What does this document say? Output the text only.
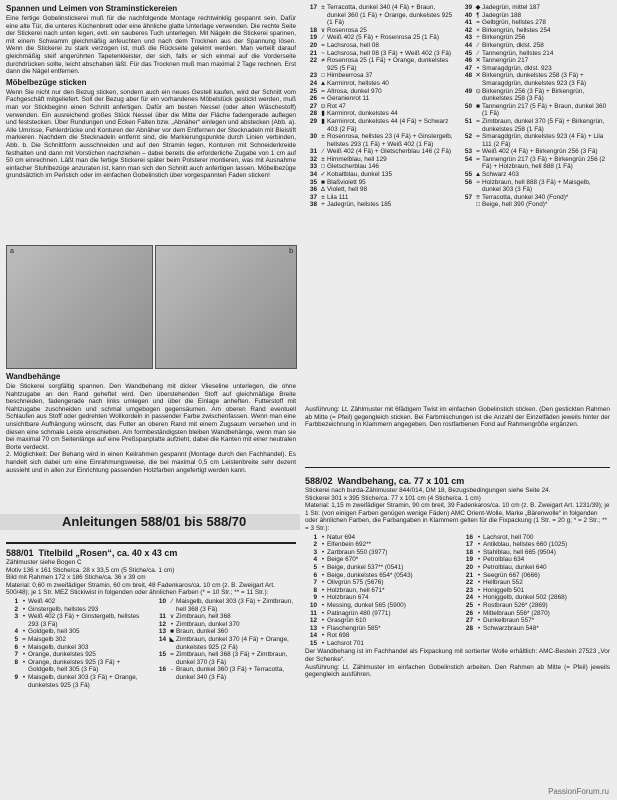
Spannen und Leimen von Straminstickereien

Eine fertige Gobelinstickerei muß für die nachfolgende Montage rechtwinklig gespannt sein. Dafür eine alte Tür, die unteres Küchenbrett oder eine ähnliche glatte Unterlage verwenden. Die rechte Seite der Stickerei nach unten legen, evtl. ein sauberes Tuch unterlegen. Mit Nägeln die Stickerei spannen, mit einem Schwamm gleichmäßig anfeuchten und nach dem Trocknen aus der Spannung lösen. Wenn die Stickerei zu stark verzogen ist, muß die Rückseite geleimt werden. Man verteilt darauf gleichmäßig steif angerührten Tapetenkleister, der sich, falls er sich einmal auf die Vorderseite durchdrücken sollte, leicht abschaben läßt. Für das Trocknen muß man maximal 2 Tage rechnen. Erst dann die Nägel entfernen.

Möbelbezüge sticken

Wenn Sie nicht nur den Bezug sticken, sondern auch ein neues Gestell kaufen, wird der Schnitt vom Fachgeschäft mitgeliefert. Soll der Bezug aber für ein vorhandenes Möbelstück gestickt werden, muß man vor Stickbeginn einen Schnitt anfertigen. Dafür am besten Nessel (oder alten Wäschestoff) verwenden. Ein ausreichend großes Stück Nessel über die Mitte der Fläche fadengerade auflegen und feststecken. Über Rundungen und Ecken Falten bzw. „Abnäher“ einlegen und abstecken (Abb. a). Alle Umrisse, Fehlerdrücke und Konturen der Abnäher vor dem Entfernen der Stecknadeln mit Bleistift markieren. Nachdem die Stecknadeln entfernt sind, die Markierungspunkte durch Linien verbinden, Abb. b. Die Schnittform ausschneiden und auf den Stramin legen, Konturen mit Schneiderkreide festhalten und dann mit Vorstichen nachziehen – dabei bereits die erforderliche Zugabe von 1 cm auf 50 cm einrechnen. Läßt man die fertige Stickerei später beim Polsterer montieren, was mit Ausnahme einfacher Stuhlbezüge anzuraten ist, kann man sich den Schnitt auch anfertigen lassen. Möbelbezüge grundsätzlich im Perlstich oder im einfachen Gobelinstich über vorgespannten Faden sticken!

a	b
Wandbehänge

Die Stickerei sorgfältig spannen. Den Wandbehang mit dicker Vlieseline unterlegen, die ohne Nahtzugabe an den Rand geheftet wird. Den überstehenden Stoff auf gleichmäßige Breite beschneiden, fadengerade nach links umlegen und über die Einlage anheften. Futterstoff mit Nahtzugabe zuschneiden und schmal umgebogen gegensäumen. Am oberen Rand eventuell Schlaufen aus Stoff oder gedrehten Wollkordeln in passender Farbe zwischenfassen. Wenn man eine unsichtbare Aufhängung wünscht, das Futter an oberen Rand mit einem Zugsaum versehen und in diesen eine schmale Leiste einschieben. Am formbeständigsten bleiben Wandbehänge, wenn man sie bei maximal 70 cm Seitenlänge auf eine Preßspanplatte aufzieht, dabei die Kanten mit einer neutralen Borte verdeckt.

2. Möglichkeit: Der Behang wird in einen Keilrahmen gespannt (Montage durch den Fachhandel). Es handelt sich dabei um eine Einrahmungsweise, die bei maximal 0,5 cm Leistenbreite sehr dezent aussieht und in allen zur Einrichtung passenden Holzfarben angefertigt werden kann.

Anleitungen 588/01 bis 588/70
588/01 Titelbild „Rosen“, ca. 40 x 43 cm
Zählmuster siehe Bogen C
Motiv 136 x 161 Stiche/ca. 28 x 33,5 cm (5 Stiche/ca. 1 cm)
Bild mit Rahmen 172 x 186 Stiche/ca. 36 x 39 cm
Material: 0,60 m zweifädiger Stramin, 60 cm breit, 48 Fadenkaros/ca. 10 cm (z. B. Zweigart Art. 500/48); je 1 Str. MEZ Stickiwist in folgenden oder ähnlichen Farben (* = 10 Str.; ** = 11 Str.):
1 • Weiß 402
2 • Ginstergelb, hellstes 293
3 • Weiß 402 (3 Fä) + Ginstergelb, hellstes 293 (3 Fä)
4 • Goldgelb, hell 305
5 = Maisgelb 302
6 • Maisgelb, dunkel 303
7 • Orange, dunkelstes 925
8 • Orange, dunkelstes 925 (3 Fä) + Goldgelb, hell 305 (3 Fä)
9 • Maisgelb, dunkel 303 (3 Fä) + Orange, dunkelstes 925 (3 Fä)
10 ⁄ Maisgelb, dunkel 303 (3 Fä) + Zimtbraun, hell 368 (3 Fä)
11 ∨ Zimtbraun, hell 368
12 • Zimtbraun, dunkel 370
13 ■ Braun, dunkel 360
14 ◣ Zimtbraun, dunkel 370 (4 Fä) + Orange, dunkelstes 925 (2 Fä)
15 = Zimtbraun, hell 368 (3 Fä) + Zimtbraun, dunkel 370 (3 Fä)
16 - Braun, dunkel 360 (3 Fä) + Terracotta, dunkel 340 (3 Fä)
17 ± Terracotta, dunkel 340 (4 Fä) + Braun, dunkel 360 (1 Fä) + Orange, dunkelstes 925 (1 Fä)
18 ∨ Rosenrosa 25
19 ∕ Weiß 402 (5 Fä) + Rosenrosa 25 (1 Fä)
20 = Lachsrosa, hell 08
21 ~ Lachsrosa, hell 08 (3 Fä) + Weiß 402 (3 Fä)
22 ≠ Rosenrosa 25 (1 Fä) + Orange, dunkelstes 925 (5 Fä)
23 □ Himbeerrosa 37
24 ▲ Karminrot, hellstes 40
25 = Altrosa, dunkel 970
26 = Geranienrot 11
27 ⊙ Rot 47
28 ▮ Karminrot, dunkelstes 44
29 ▮ Karminrot, dunkelstes 44 (4 Fä) + Schwarz 403 (2 Fä)
30 ± Rosenrosa, hellstes 23 (4 Fä) + Ginstergelb, hellstes 293 (1 Fä) + Weiß 402 (1 Fä)
31 ∕ Weiß 402 (4 Fä) + Gletscherblau 146 (2 Fä)
32 ± Himmelblau, hell 129
33 □ Gletscherblau 146
34 ✓ Kobaltblau, dunkel 135
35 ■ Blaßviolett 95
36 ∆ Violett, hell 98
37 ± Lila 111
38 + Jadegrün, hellstes 185
39 ◆ Jadegrün, mittel 187
40 ¶ Jadegrün 188
41 = Gelbgrün, hellstes 278
42 × Birkengrün, hellstes 254
43 ÷ Birkengrün 256
44 ∕ Birkengrün, dklst. 258
45 ∕ Tannengrün, hellstes 214
46 ✕ Tannengrün 217
47 • Smaragdgrün, dklst. 923
48 ✕ Birkengrün, dunkelstes 258 (3 Fä) + Smaragdgrün, dunkelstes 923 (3 Fä)
49 ⊙ Birkengrün 256 (3 Fä) + Birkengrün, dunkelstes 258 (3 Fä)
50 ■ Tannengrün 217 (5 Fä) + Braun, dunkel 360 (1 Fä)
51 = Zimtbraun, dunkel 370 (5 Fä) + Birkengrün, dunkelstes 258 (1 Fä)
52 = Smaragdgrün, dunkelstes 923 (4 Fä) + Lila 111 (2 Fä)
53 = Weiß 402 (4 Fä) + Birkengrün 256 (3 Fä)
54 = Tannengrün 217 (3 Fä) + Birkengrün 256 (2 Fä) + Holzbraun, hell 888 (1 Fä)
55 ▲ Schwarz 403
56 ≈ Holzbraun, hell 888 (3 Fä) + Maisgelb, dunkel 303 (3 Fä)
57 ≡ Terracotta, dunkel 340 (Fond)*
□ Beige, hell 390 (Fond)*

Ausführung: Lt. Zählmuster mit 6fädigem Twist im einfachen Gobelinstich sticken. (Den gestickten Rahmen ab Mitte (= Pfeil) gegengleich sticken. Bei Farbmischungen ist die Anzahl der Einzelfäden jeweils hinter der Farbbezeichnung in Klammern angegeben. Den rostfarbenen Fond auf Rahmengröße ergänzen.

588/02 Wandbehang, ca. 77 x 101 cm
Stickerei nach burda-Zählmuster 844/014, DM 18, Bezugsbedingungen siehe Seite 24.
Stickerei 301 x 395 Stiche/ca. 77 x 101 cm (4 Stiche/ca. 1 cm)
Material: 1,15 m zweifädiger Stramin, 90 cm breit, 39 Fadenkaros/ca. 10 cm (z. B. Zweigart Art. 1231/39); je 1 Str. (von einigen Farben genügen wenige Fäden) AMC Orient-Wolle, Marke „Bärenwolle“ in folgenden oder ähnlichen Farben, die Farbangaben in Klammern gelten für die Fixpackung (1 Str. = 20 g; * = 2 Str.; ** = 3 Str.):
1 • Natur 694
2 • Elfenbein 692**
3 • Zartbraun 550 (3977)
4 • Beige 670*
5 • Beige, dunkel 537** (0541)
6 • Beige, dunkelstes 654* (0543)
7 • Olivgrün 575 (5676)
8 • Holzbraun, hell 671*
9 • Holzbraun 674
10 • Messing, dunkel 565 (5900)
11 • Patinagrün 480 (9771)
12 • Grasgrün 610
13 • Flaschengrün 585*
14 • Rot 698
15 • Lachsrot 701
16 • Lachsrot, hell 700
17 • Antikblau, hellstes 660 (1025)
18 • Stahlblau, hell 665 (9504)
19 • Petrolblau 634
20 • Petrolblau, dunkel 640
21 • Seegrün 667 (0666)
22 • Hellbraun 552
23 • Honiggelb 501
24 • Honiggelb, dunkel 502 (2868)
25 • Rostbraun 526* (2869)
26 • Mittelbraun 556* (2870)
27 • Dunkelbraun 557*
28 • Schwarzbraun 548*

Der Wandbehang ist im Fachhandel als Fixpackung mit sortierter Wolle erhältlich: AMC-Bestein 27523 „Vor der Schenke“.

Ausführung: Lt. Zählmuster im einfachen Gobelinstich arbeiten. Den Rahmen ab Mitte (= Pfeil) jeweils gegengleich ausführen.

PassionForum.ru
